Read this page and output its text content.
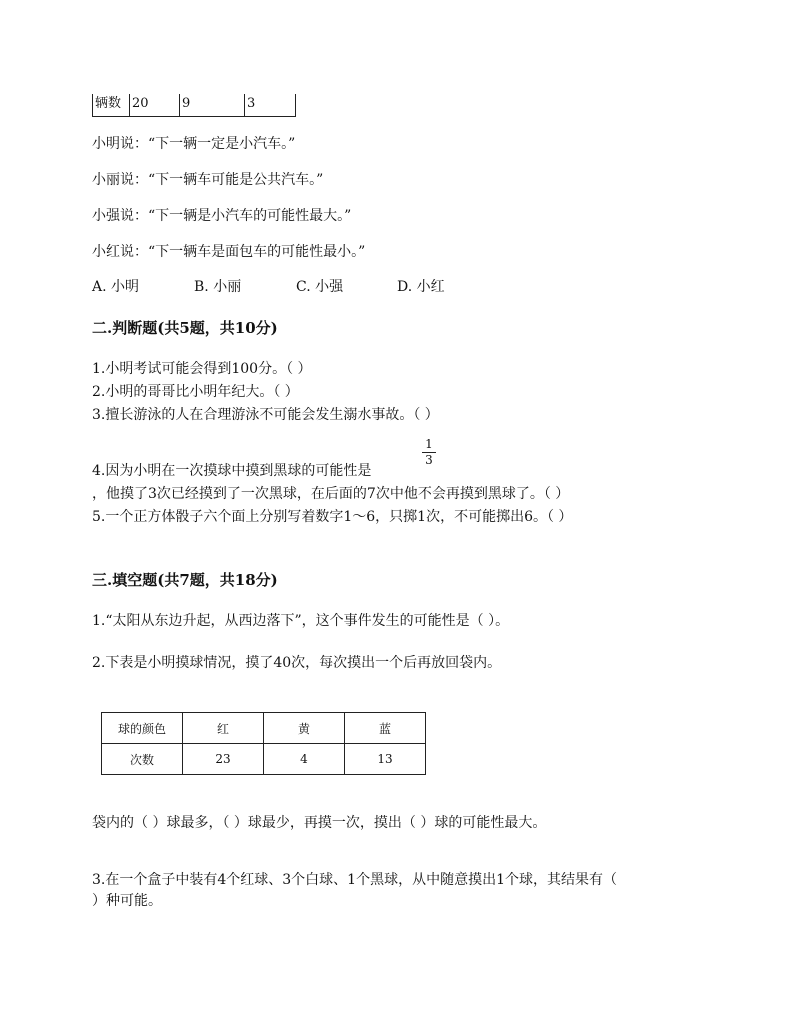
辆数 20	9	3
小明说：“下一辆一定是小汽车。”
小丽说：“下一辆车可能是公共汽车。”
小强说：“下一辆是小汽车的可能性最大。”
小红说：“下一辆车是面包车的可能性最小。”
A. 小明	B. 小丽	C. 小强	D. 小红
二.判断题(共5题，共10分)
1.小明考试可能会得到100分。（ ）
2.小明的哥哥比小明年纪大。（ ）
3.擅长游泳的人在合理游泳不可能会发生溺水事故。（ ）
4.因为小明在一次摸球中摸到黑球的可能性是
1
3
，他摸了3次已经摸到了一次黑球，在后面的7次中他不会再摸到黑球了。（ ）
5.一个正方体骰子六个面上分别写着数字1～6，只掷1次，不可能掷出6。（ ）
三.填空题(共7题，共18分)
1.“太阳从东边升起，从西边落下”，这个事件发生的可能性是（ ）。
2.下表是小明摸球情况，摸了40次，每次摸出一个后再放回袋内。
球的颜色	红	黄	蓝
次数	23	4	13
袋内的（ ）球最多，（ ）球最少，再摸一次，摸出（ ）球的可能性最大。
3.在一个盒子中装有4个红球、3个白球、1个黑球，从中随意摸出1个球，其结果有（
）种可能。
